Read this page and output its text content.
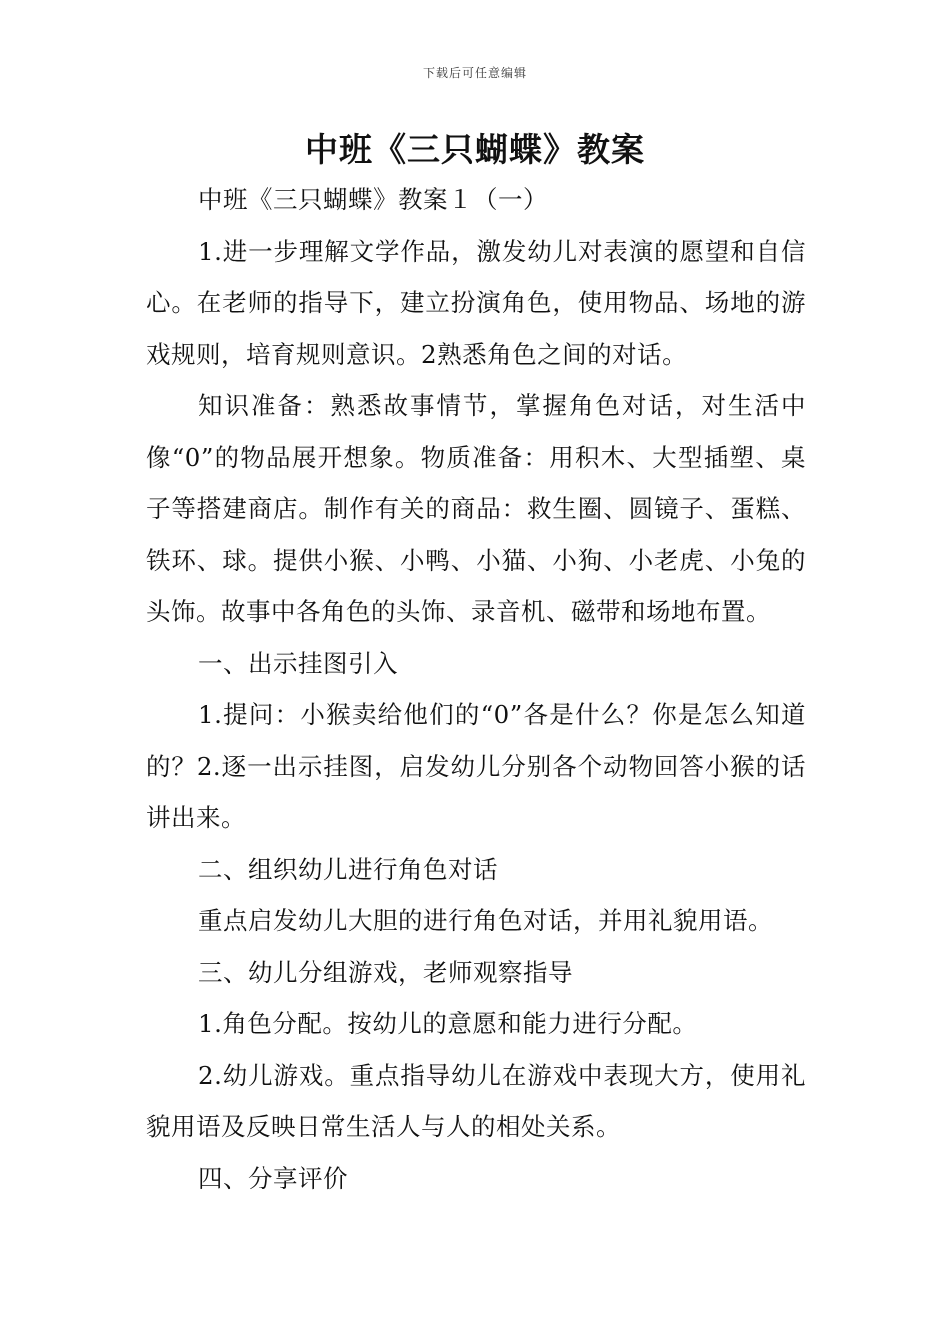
下载后可任意编辑
中班《三只蝴蝶》教案

中班《三只蝴蝶》教案１（一）

1.进一步理解文学作品，激发幼儿对表演的愿望和自信心。在老师的指导下，建立扮演角色，使用物品、场地的游戏规则，培育规则意识。2熟悉角色之间的对话。

知识准备：熟悉故事情节，掌握角色对话，对生活中像“0”的物品展开想象。物质准备：用积木、大型插塑、桌子等搭建商店。制作有关的商品：救生圈、圆镜子、蛋糕、铁环、球。提供小猴、小鸭、小猫、小狗、小老虎、小兔的头饰。故事中各角色的头饰、录音机、磁带和场地布置。

一、出示挂图引入

1.提问：小猴卖给他们的“0”各是什么？你是怎么知道的？2.逐一出示挂图，启发幼儿分别各个动物回答小猴的话讲出来。

二、组织幼儿进行角色对话

重点启发幼儿大胆的进行角色对话，并用礼貌用语。

三、幼儿分组游戏，老师观察指导

1.角色分配。按幼儿的意愿和能力进行分配。

2.幼儿游戏。重点指导幼儿在游戏中表现大方，使用礼貌用语及反映日常生活人与人的相处关系。

四、分享评价
